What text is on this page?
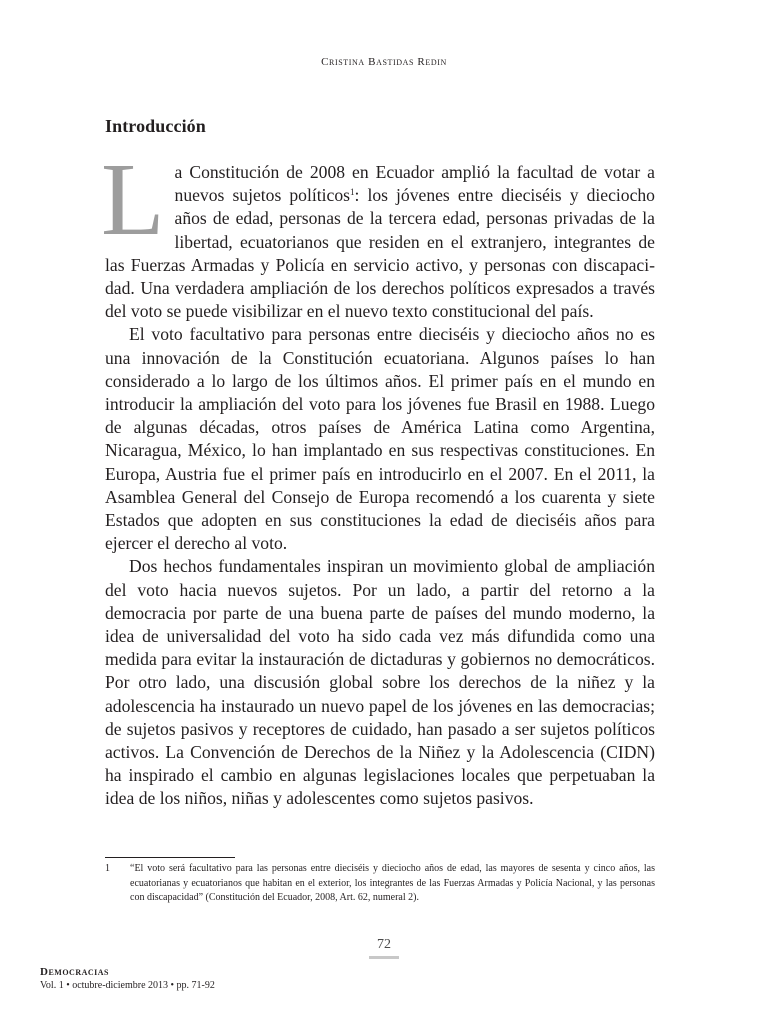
Cristina Bastidas Redin
Introducción

La Constitución de 2008 en Ecuador amplió la facultad de votar a nuevos sujetos políticos$^1$: los jóvenes entre dieciséis y dieciocho años de edad, personas de la tercera edad, personas privadas de la libertad, ecuatorianos que residen en el extranjero, integrantes de las Fuerzas Armadas y Policía en servicio activo, y personas con discapacidad. Una verdadera ampliación de los derechos políticos expresados a través del voto se puede visibilizar en el nuevo texto constitucional del país.

El voto facultativo para personas entre dieciséis y dieciocho años no es una innovación de la Constitución ecuatoriana. Algunos países lo han considerado a lo largo de los últimos años. El primer país en el mundo en introducir la ampliación del voto para los jóvenes fue Brasil en 1988. Luego de algunas décadas, otros países de América Latina como Argentina, Nicaragua, México, lo han implantado en sus respectivas constituciones. En Europa, Austria fue el primer país en introducirlo en el 2007. En el 2011, la Asamblea General del Consejo de Europa recomendó a los cuarenta y siete Estados que adopten en sus constituciones la edad de dieciséis años para ejercer el derecho al voto.

Dos hechos fundamentales inspiran un movimiento global de ampliación del voto hacia nuevos sujetos. Por un lado, a partir del retorno a la democracia por parte de una buena parte de países del mundo moderno, la idea de universalidad del voto ha sido cada vez más difundida como una medida para evitar la instauración de dictaduras y gobiernos no democráticos. Por otro lado, una discusión global sobre los derechos de la niñez y la adolescencia ha instaurado un nuevo papel de los jóvenes en las democracias; de sujetos pasivos y receptores de cuidado, han pasado a ser sujetos políticos activos. La Convención de Derechos de la Niñez y la Adolescencia (CIDN) ha inspirado el cambio en algunas legislaciones locales que perpetuaban la idea de los niños, niñas y adolescentes como sujetos pasivos.

1 “El voto será facultativo para las personas entre dieciséis y dieciocho años de edad, las mayores de sesenta y cinco años, las ecuatorianas y ecuatorianos que habitan en el exterior, los integrantes de las Fuerzas Armadas y Policía Nacional, y las personas con discapacidad” (Constitución del Ecuador, 2008, Art. 62, numeral 2).
72
Democracias
Vol. 1 • octubre-diciembre 2013 • pp. 71-92
